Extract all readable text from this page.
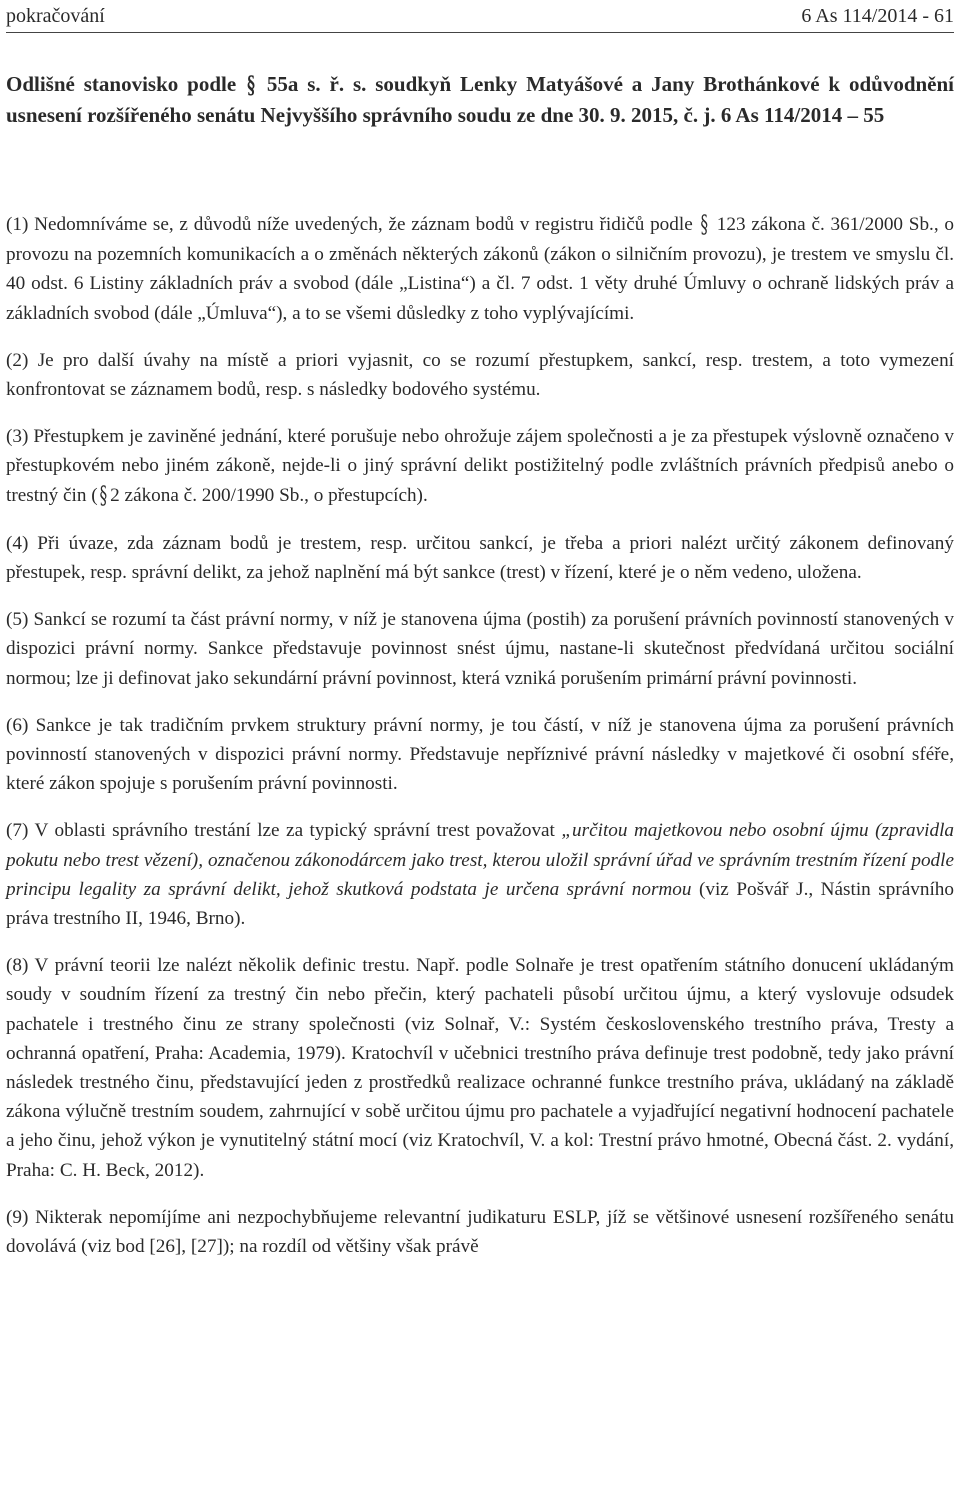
pokračování	6 As 114/2014 - 61
Odlišné stanovisko podle § 55a s. ř. s. soudkyň Lenky Matyášové a Jany Brothánkové k odůvodnění usnesení rozšířeného senátu Nejvyššího správního soudu ze dne 30. 9. 2015, č. j. 6 As 114/2014 – 55

(1) Nedomníváme se, z důvodů níže uvedených, že záznam bodů v registru řidičů podle § 123 zákona č. 361/2000 Sb., o provozu na pozemních komunikacích a o změnách některých zákonů (zákon o silničním provozu), je trestem ve smyslu čl. 40 odst. 6 Listiny základních práv a svobod (dále „Listina“) a čl. 7 odst. 1 věty druhé Úmluvy o ochraně lidských práv a základních svobod (dále „Úmluva“), a to se všemi důsledky z toho vyplývajícími.

(2) Je pro další úvahy na místě a priori vyjasnit, co se rozumí přestupkem, sankcí, resp. trestem, a toto vymezení konfrontovat se záznamem bodů, resp. s následky bodového systému.

(3) Přestupkem je zaviněné jednání, které porušuje nebo ohrožuje zájem společnosti a je za přestupek výslovně označeno v přestupkovém nebo jiném zákoně, nejde-li o jiný správní delikt postižitelný podle zvláštních právních předpisů anebo o trestný čin ( § 2 zákona č. 200/1990 Sb., o přestupcích).

(4) Při úvaze, zda záznam bodů je trestem, resp. určitou sankcí, je třeba a priori nalézt určitý zákonem definovaný přestupek, resp. správní delikt, za jehož naplnění má být sankce (trest) v řízení, které je o něm vedeno, uložena.

(5) Sankcí se rozumí ta část právní normy, v níž je stanovena újma (postih) za porušení právních povinností stanovených v dispozici právní normy. Sankce představuje povinnost snést újmu, nastane-li skutečnost předvídaná určitou sociální normou; lze ji definovat jako sekundární právní povinnost, která vzniká porušením primární právní povinnosti.

(6) Sankce je tak tradičním prvkem struktury právní normy, je tou částí, v níž je stanovena újma za porušení právních povinností stanovených v dispozici právní normy. Představuje nepříznivé právní následky v majetkové či osobní sféře, které zákon spojuje s porušením právní povinnosti.

(7) V oblasti správního trestání lze za typický správní trest považovat „určitou majetkovou nebo osobní újmu (zpravidla pokutu nebo trest vězení), označenou zákonodárcem jako trest, kterou uložil správní úřad ve správním trestním řízení podle principu legality za správní delikt, jehož skutková podstata je určena správní normou (viz Pošvář J., Nástin správního práva trestního II, 1946, Brno).

(8) V právní teorii lze nalézt několik definic trestu. Např. podle Solnaře je trest opatřením státního donucení ukládaným soudy v soudním řízení za trestný čin nebo přečin, který pachateli působí určitou újmu, a který vyslovuje odsudek pachatele i trestného činu ze strany společnosti (viz Solnař, V.: Systém československého trestního práva, Tresty a ochranná opatření, Praha: Academia, 1979). Kratochvíl v učebnici trestního práva definuje trest podobně, tedy jako právní následek trestného činu, představující jeden z prostředků realizace ochranné funkce trestního práva, ukládaný na základě zákona výlučně trestním soudem, zahrnující v sobě určitou újmu pro pachatele a vyjadřující negativní hodnocení pachatele a jeho činu, jehož výkon je vynutitelný státní mocí (viz Kratochvíl, V. a kol: Trestní právo hmotné, Obecná část. 2. vydání, Praha: C. H. Beck, 2012).

(9) Nikterak nepomíjíme ani nezpochybňujeme relevantní judikaturu ESLP, jíž se většinové usnesení rozšířeného senátu dovolává (viz bod [26], [27]); na rozdíl od většiny však právě
